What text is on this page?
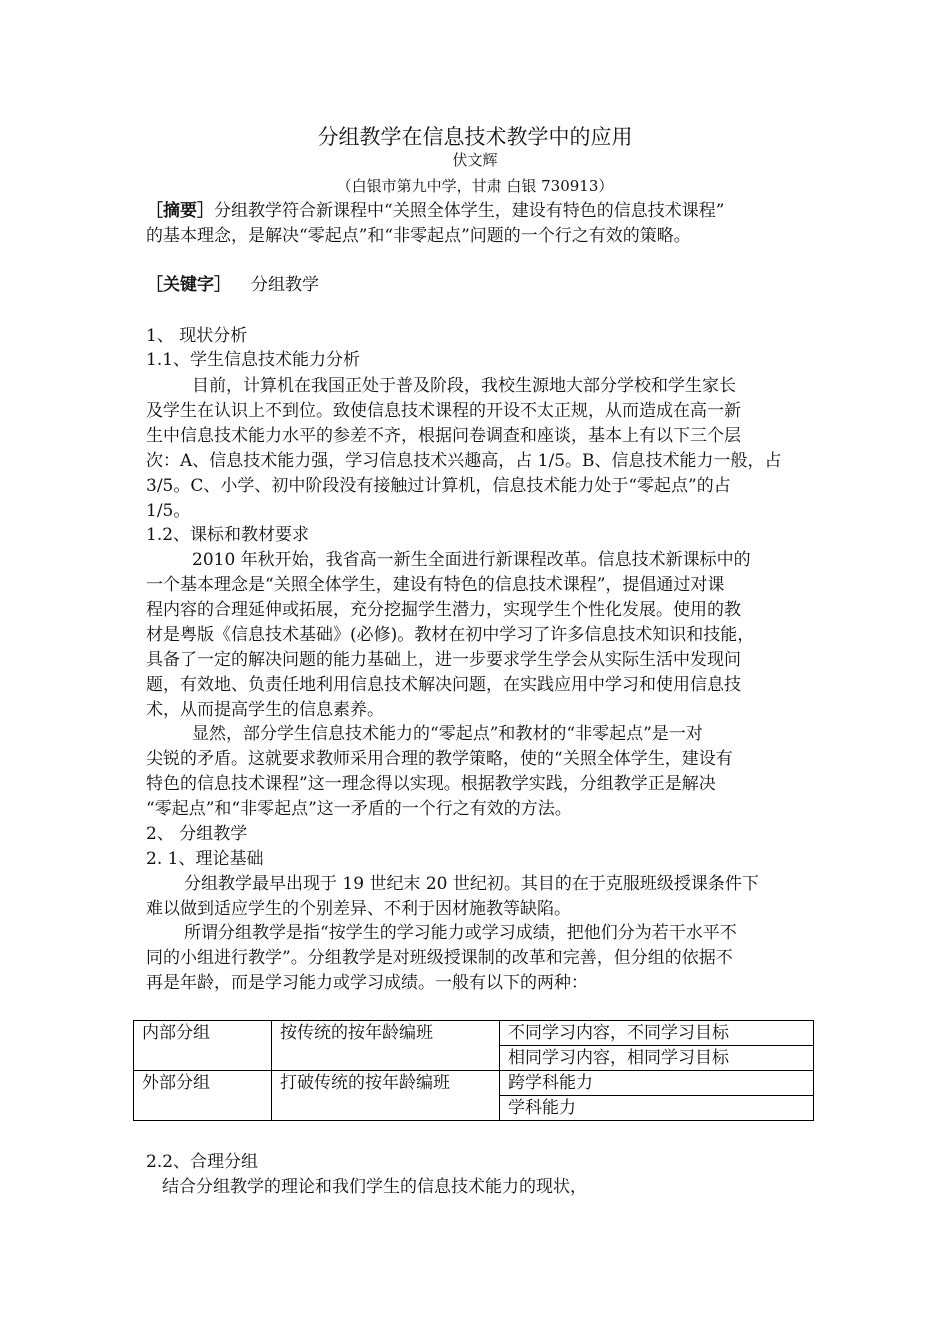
分组教学在信息技术教学中的应用
伏文辉
（白银市第九中学，甘肃 白银 730913）
［摘要］分组教学符合新课程中“关照全体学生，建设有特色的信息技术课程”
的基本理念，是解决“零起点”和“非零起点”问题的一个行之有效的策略。
［关键字］ 分组教学
1、 现状分析
1.1、学生信息技术能力分析
目前，计算机在我国正处于普及阶段，我校生源地大部分学校和学生家长
及学生在认识上不到位。致使信息技术课程的开设不太正规，从而造成在高一新
生中信息技术能力水平的参差不齐，根据问卷调查和座谈，基本上有以下三个层
次：A、信息技术能力强，学习信息技术兴趣高，占 1/5。B、信息技术能力一般，占
3/5。C、小学、初中阶段没有接触过计算机，信息技术能力处于“零起点”的占
1/5。
1.2、课标和教材要求
2010 年秋开始，我省高一新生全面进行新课程改革。信息技术新课标中的
一个基本理念是“关照全体学生，建设有特色的信息技术课程”，提倡通过对课
程内容的合理延伸或拓展，充分挖掘学生潜力，实现学生个性化发展。使用的教
材是粤版《信息技术基础》(必修)。教材在初中学习了许多信息技术知识和技能，
具备了一定的解决问题的能力基础上，进一步要求学生学会从实际生活中发现问
题，有效地、负责任地利用信息技术解决问题，在实践应用中学习和使用信息技
术，从而提高学生的信息素养。
显然，部分学生信息技术能力的“零起点”和教材的“非零起点”是一对
尖锐的矛盾。这就要求教师采用合理的教学策略，使的“关照全体学生，建设有
特色的信息技术课程”这一理念得以实现。根据教学实践，分组教学正是解决
“零起点”和“非零起点”这一矛盾的一个行之有效的方法。
2、 分组教学
2. 1、理论基础
分组教学最早出现于 19 世纪末 20 世纪初。其目的在于克服班级授课条件下
难以做到适应学生的个别差异、不利于因材施教等缺陷。
所谓分组教学是指“按学生的学习能力或学习成绩，把他们分为若干水平不
同的小组进行教学”。分组教学是对班级授课制的改革和完善，但分组的依据不
再是年龄，而是学习能力或学习成绩。一般有以下的两种：
内部分组	按传统的按年龄编班	不同学习内容，不同学习目标
		相同学习内容，相同学习目标
外部分组	打破传统的按年龄编班	跨学科能力
		学科能力
2.2、合理分组
结合分组教学的理论和我们学生的信息技术能力的现状，
